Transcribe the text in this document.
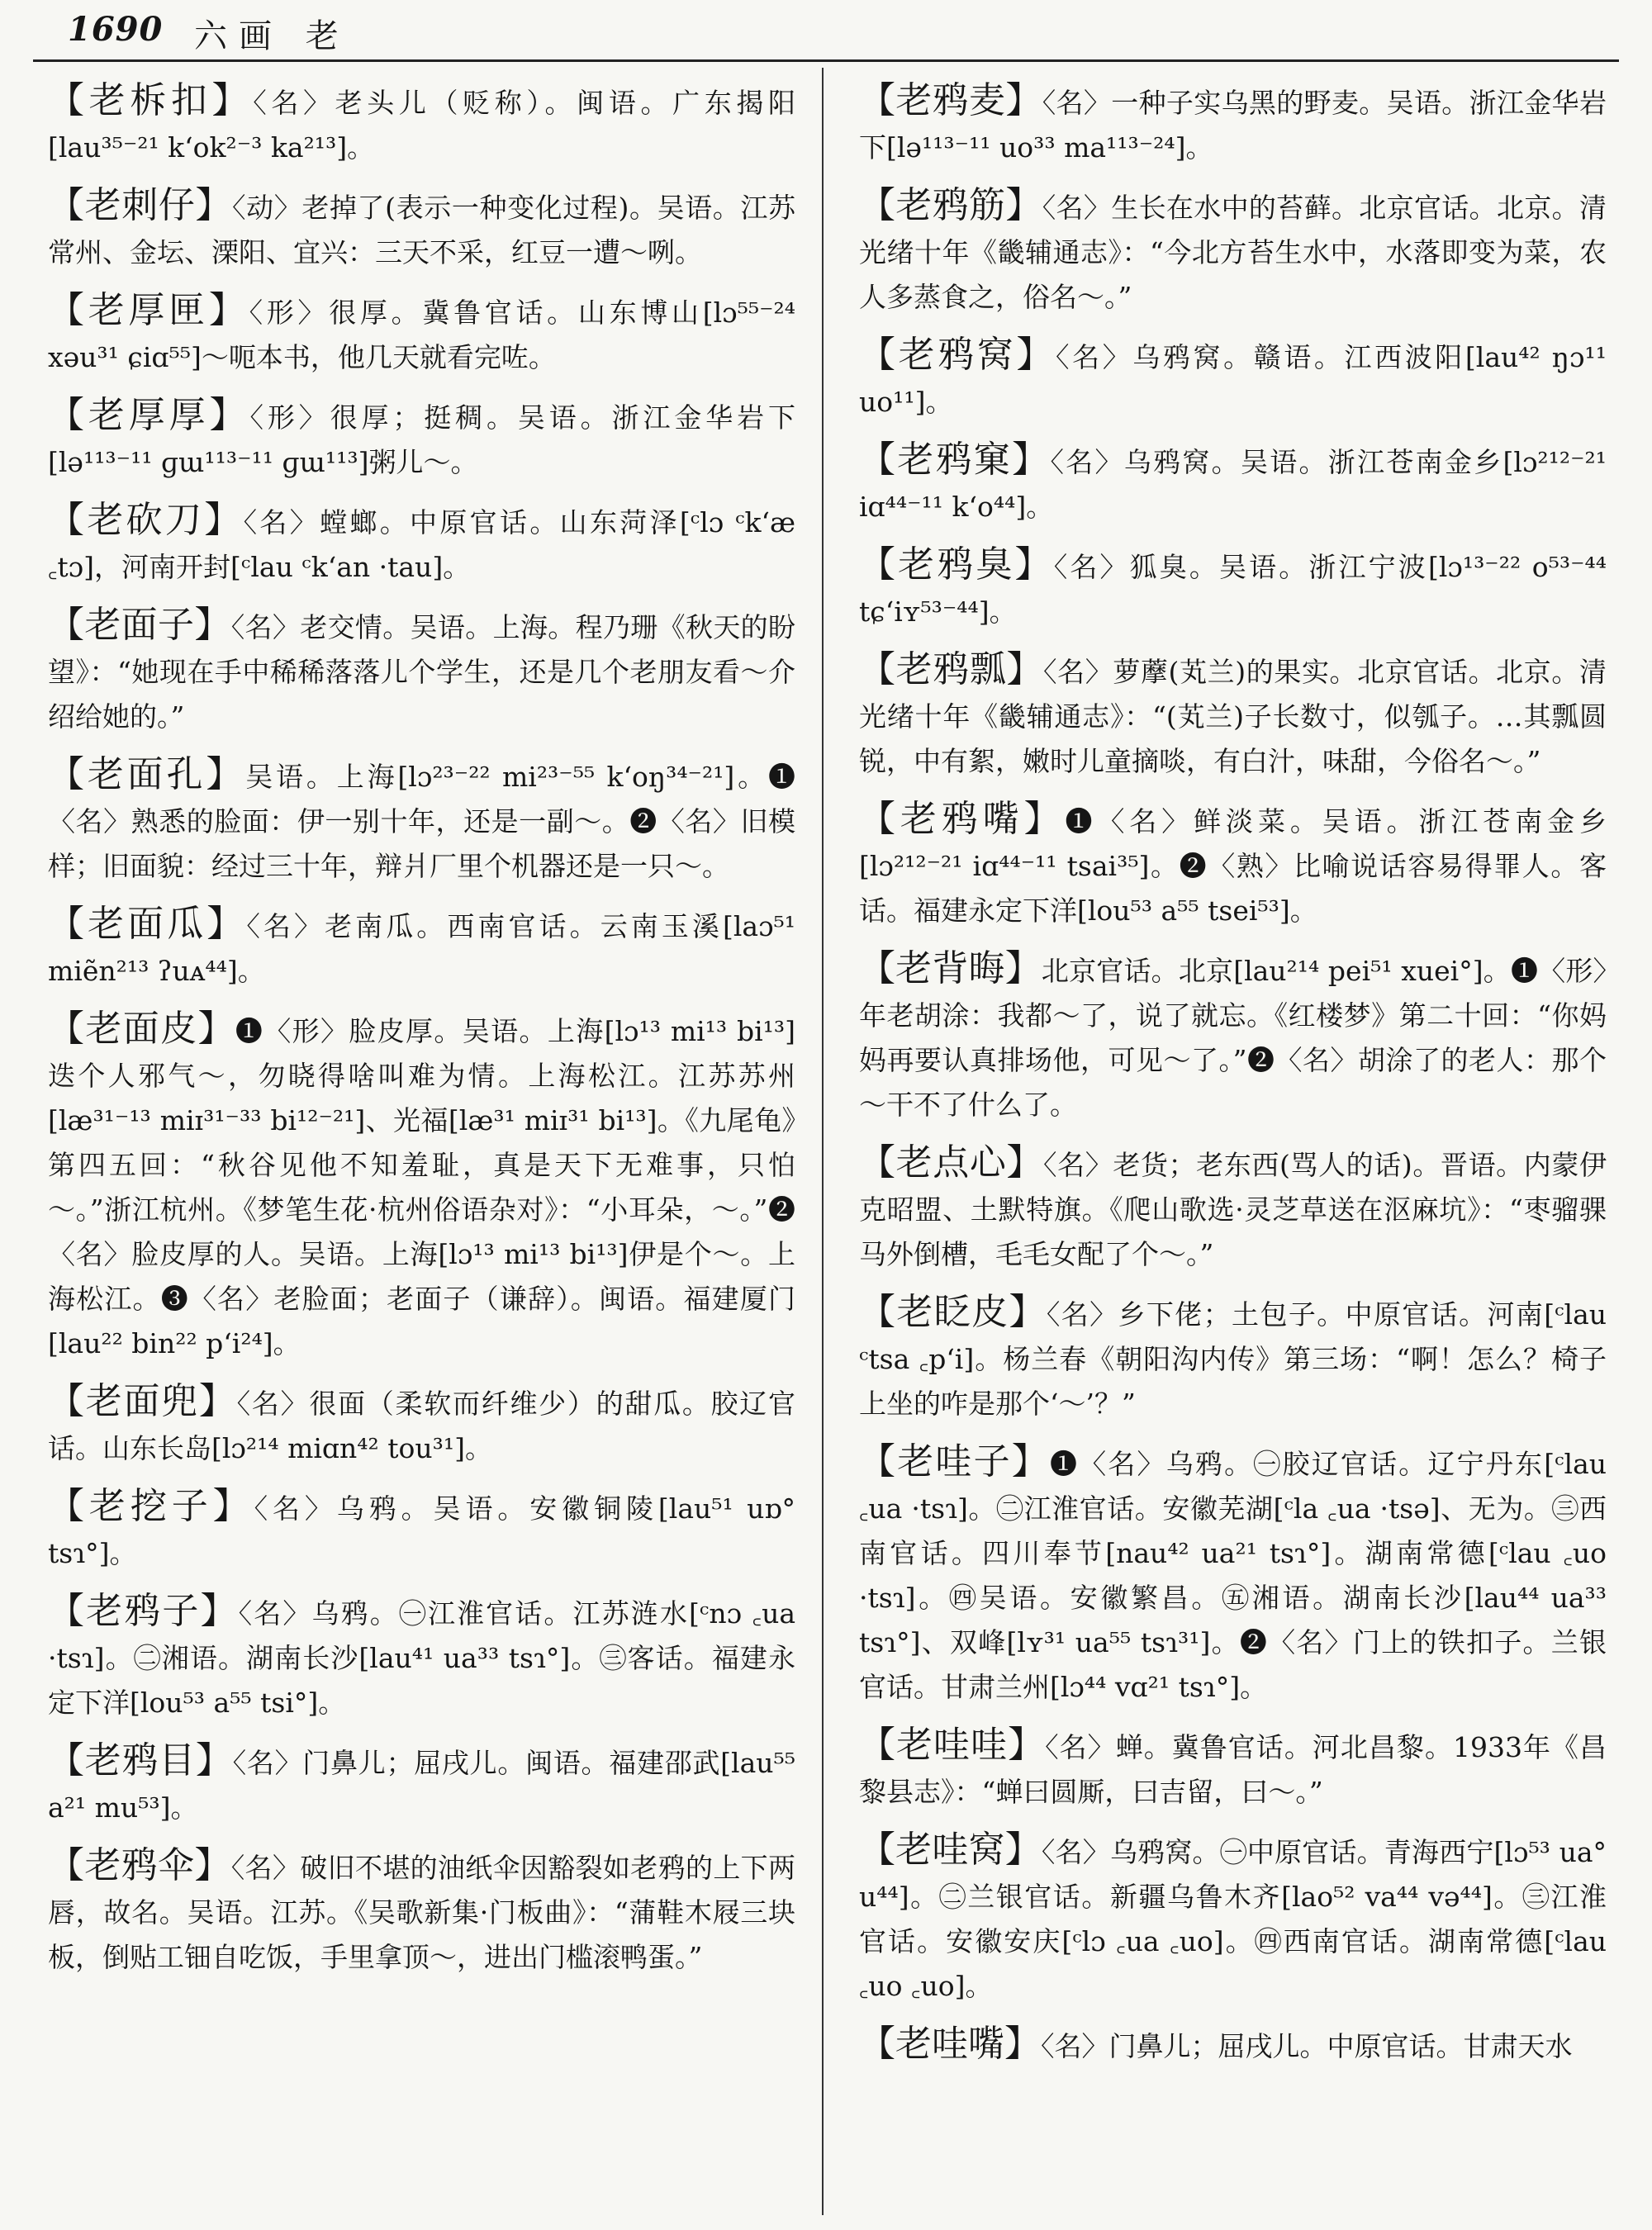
1690 六画 老
【老柝扣】〈名〉老头儿（贬称）。闽语。广东揭阳[lau³⁵⁻²¹ k‘ok²⁻³ ka²¹³]。
【老刺仔】〈动〉老掉了(表示一种变化过程)。吴语。江苏常州、金坛、溧阳、宜兴：三天不采，红豆一遭～咧。
【老厚匣】〈形〉很厚。冀鲁官话。山东博山[lɔ⁵⁵⁻²⁴ xəu³¹ ɕiɑ⁵⁵]～呃本书，他几天就看完咗。
【老厚厚】〈形〉很厚；挺稠。吴语。浙江金华岩下[lə¹¹³⁻¹¹ ɡɯ¹¹³⁻¹¹ ɡɯ¹¹³]粥儿～。
【老砍刀】〈名〉螳螂。中原官话。山东菏泽[ᶜlɔ ᶜk‘æ ꜀tɔ]，河南开封[ᶜlau ᶜk‘an ·tau]。
【老面子】〈名〉老交情。吴语。上海。程乃珊《秋天的盼望》：“她现在手中稀稀落落儿个学生，还是几个老朋友看～介绍给她的。”
【老面孔】吴语。上海[lɔ²³⁻²² mi²³⁻⁵⁵ k‘oŋ³⁴⁻²¹]。❶〈名〉熟悉的脸面：伊一别十年，还是一副～。❷〈名〉旧模样；旧面貌：经过三十年，辩爿厂里个机器还是一只～。
【老面瓜】〈名〉老南瓜。西南官话。云南玉溪[laɔ⁵¹ miẽn²¹³ ʔuᴀ⁴⁴]。
【老面皮】❶〈形〉脸皮厚。吴语。上海[lɔ¹³ mi¹³ bi¹³]迭个人邪气～，勿晓得啥叫难为情。上海松江。江苏苏州[læ³¹⁻¹³ miɪ³¹⁻³³ bi¹²⁻²¹]、光福[læ³¹ miɪ³¹ bi¹³]。《九尾龟》第四五回：“秋谷见他不知羞耻，真是天下无难事，只怕～。”浙江杭州。《梦笔生花·杭州俗语杂对》：“小耳朵，～。”❷〈名〉脸皮厚的人。吴语。上海[lɔ¹³ mi¹³ bi¹³]伊是个～。上海松江。❸〈名〉老脸面；老面子（谦辞）。闽语。福建厦门[lau²² bin²² p‘i²⁴]。
【老面兜】〈名〉很面（柔软而纤维少）的甜瓜。胶辽官话。山东长岛[lɔ²¹⁴ miɑn⁴² tou³¹]。
【老挖子】〈名〉乌鸦。吴语。安徽铜陵[lau⁵¹ uɒ° tsɿ°]。
【老鸦子】〈名〉乌鸦。㊀江淮官话。江苏涟水[ᶜnɔ ꜀ua ·tsɿ]。㊁湘语。湖南长沙[lau⁴¹ ua³³ tsɿ°]。㊂客话。福建永定下洋[lou⁵³ a⁵⁵ tsi°]。
【老鸦目】〈名〉门鼻儿；屈戌儿。闽语。福建邵武[lau⁵⁵ a²¹ mu⁵³]。
【老鸦伞】〈名〉破旧不堪的油纸伞因豁裂如老鸦的上下两唇，故名。吴语。江苏。《吴歌新集·门板曲》：“蒲鞋木屐三块板，倒贴工钿自吃饭，手里拿顶～，进出门槛滚鸭蛋。”
【老鸦麦】〈名〉一种子实乌黑的野麦。吴语。浙江金华岩下[lə¹¹³⁻¹¹ uo³³ ma¹¹³⁻²⁴]。
【老鸦筋】〈名〉生长在水中的苔藓。北京官话。北京。清光绪十年《畿辅通志》：“今北方苔生水中，水落即变为菜，农人多蒸食之，俗名～。”
【老鸦窝】〈名〉乌鸦窝。赣语。江西波阳[lau⁴² ŋɔ¹¹ uo¹¹]。
【老鸦窠】〈名〉乌鸦窝。吴语。浙江苍南金乡[lɔ²¹²⁻²¹ iɑ⁴⁴⁻¹¹ k‘o⁴⁴]。
【老鸦臭】〈名〉狐臭。吴语。浙江宁波[lɔ¹³⁻²² o⁵³⁻⁴⁴ tɕ‘iʏ⁵³⁻⁴⁴]。
【老鸦瓢】〈名〉萝藦(芄兰)的果实。北京官话。北京。清光绪十年《畿辅通志》：“(芄兰)子长数寸，似瓠子。…其瓢圆锐，中有絮，嫩时儿童摘啖，有白汁，味甜，今俗名～。”
【老鸦嘴】❶〈名〉鲜淡菜。吴语。浙江苍南金乡[lɔ²¹²⁻²¹ iɑ⁴⁴⁻¹¹ tsai³⁵]。❷〈熟〉比喻说话容易得罪人。客话。福建永定下洋[lou⁵³ a⁵⁵ tsei⁵³]。
【老背晦】北京官话。北京[lau²¹⁴ pei⁵¹ xuei°]。❶〈形〉年老胡涂：我都～了，说了就忘。《红楼梦》第二十回：“你妈妈再要认真排场他，可见～了。”❷〈名〉胡涂了的老人：那个～干不了什么了。
【老点心】〈名〉老货；老东西(骂人的话)。晋语。内蒙伊克昭盟、土默特旗。《爬山歌选·灵芝草送在沤麻坑》：“枣骝骒马外倒槽，毛毛女配了个～。”
【老眨皮】〈名〉乡下佬；土包子。中原官话。河南[ᶜlau ᶜtsa ꜀p‘i]。杨兰春《朝阳沟内传》第三场：“啊！怎么？椅子上坐的咋是那个‘～’？”
【老哇子】❶〈名〉乌鸦。㊀胶辽官话。辽宁丹东[ᶜlau ꜀ua ·tsɿ]。㊁江淮官话。安徽芜湖[ᶜla ꜀ua ·tsə]、无为。㊂西南官话。四川奉节[nau⁴² ua²¹ tsɿ°]。湖南常德[ᶜlau ꜀uo ·tsɿ]。㊃吴语。安徽繁昌。㊄湘语。湖南长沙[lau⁴⁴ ua³³ tsɿ°]、双峰[lʏ³¹ ua⁵⁵ tsɿ³¹]。❷〈名〉门上的铁扣子。兰银官话。甘肃兰州[lɔ⁴⁴ vɑ²¹ tsɿ°]。
【老哇哇】〈名〉蝉。冀鲁官话。河北昌黎。1933年《昌黎县志》：“蝉曰圆厮，曰吉留，曰～。”
【老哇窝】〈名〉乌鸦窝。㊀中原官话。青海西宁[lɔ⁵³ ua° u⁴⁴]。㊁兰银官话。新疆乌鲁木齐[lao⁵² va⁴⁴ və⁴⁴]。㊂江淮官话。安徽安庆[ᶜlɔ ꜀ua ꜀uo]。㊃西南官话。湖南常德[ᶜlau ꜀uo ꜀uo]。
【老哇嘴】〈名〉门鼻儿；屈戌儿。中原官话。甘肃天水
